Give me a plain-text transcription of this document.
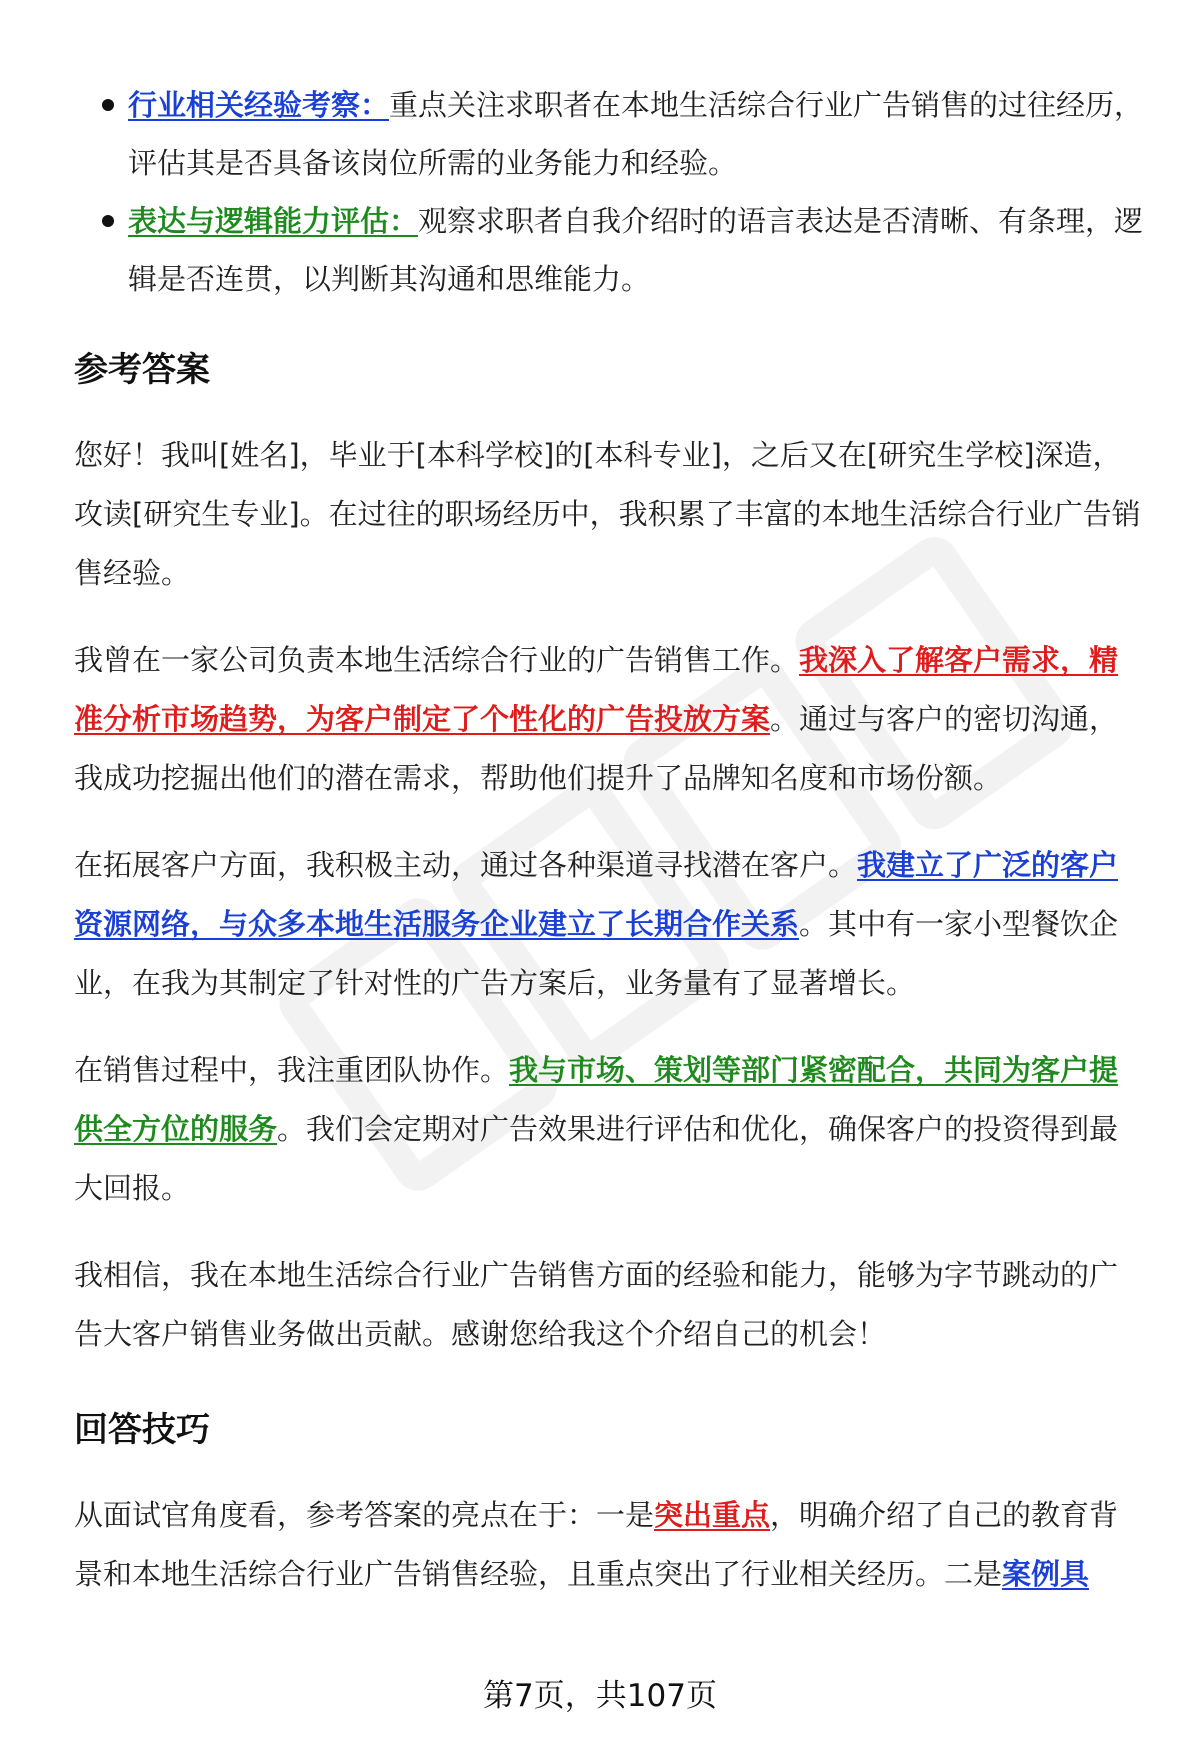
行业相关经验考察：重点关注求职者在本地生活综合行业广告销售的过往经历，评估其是否具备该岗位所需的业务能力和经验。
表达与逻辑能力评估：观察求职者自我介绍时的语言表达是否清晰、有条理，逻辑是否连贯，以判断其沟通和思维能力。
参考答案

您好！我叫[姓名]，毕业于[本科学校]的[本科专业]，之后又在[研究生学校]深造，攻读[研究生专业]。在过往的职场经历中，我积累了丰富的本地生活综合行业广告销售经验。

我曾在一家公司负责本地生活综合行业的广告销售工作。我深入了解客户需求，精准分析市场趋势，为客户制定了个性化的广告投放方案。通过与客户的密切沟通，我成功挖掘出他们的潜在需求，帮助他们提升了品牌知名度和市场份额。

在拓展客户方面，我积极主动，通过各种渠道寻找潜在客户。我建立了广泛的客户资源网络，与众多本地生活服务企业建立了长期合作关系。其中有一家小型餐饮企业，在我为其制定了针对性的广告方案后，业务量有了显著增长。

在销售过程中，我注重团队协作。我与市场、策划等部门紧密配合，共同为客户提供全方位的服务。我们会定期对广告效果进行评估和优化，确保客户的投资得到最大回报。

我相信，我在本地生活综合行业广告销售方面的经验和能力，能够为字节跳动的广告大客户销售业务做出贡献。感谢您给我这个介绍自己的机会！

回答技巧

从面试官角度看，参考答案的亮点在于：一是突出重点，明确介绍了自己的教育背景和本地生活综合行业广告销售经验，且重点突出了行业相关经历。二是案例具

第7页，共107页
